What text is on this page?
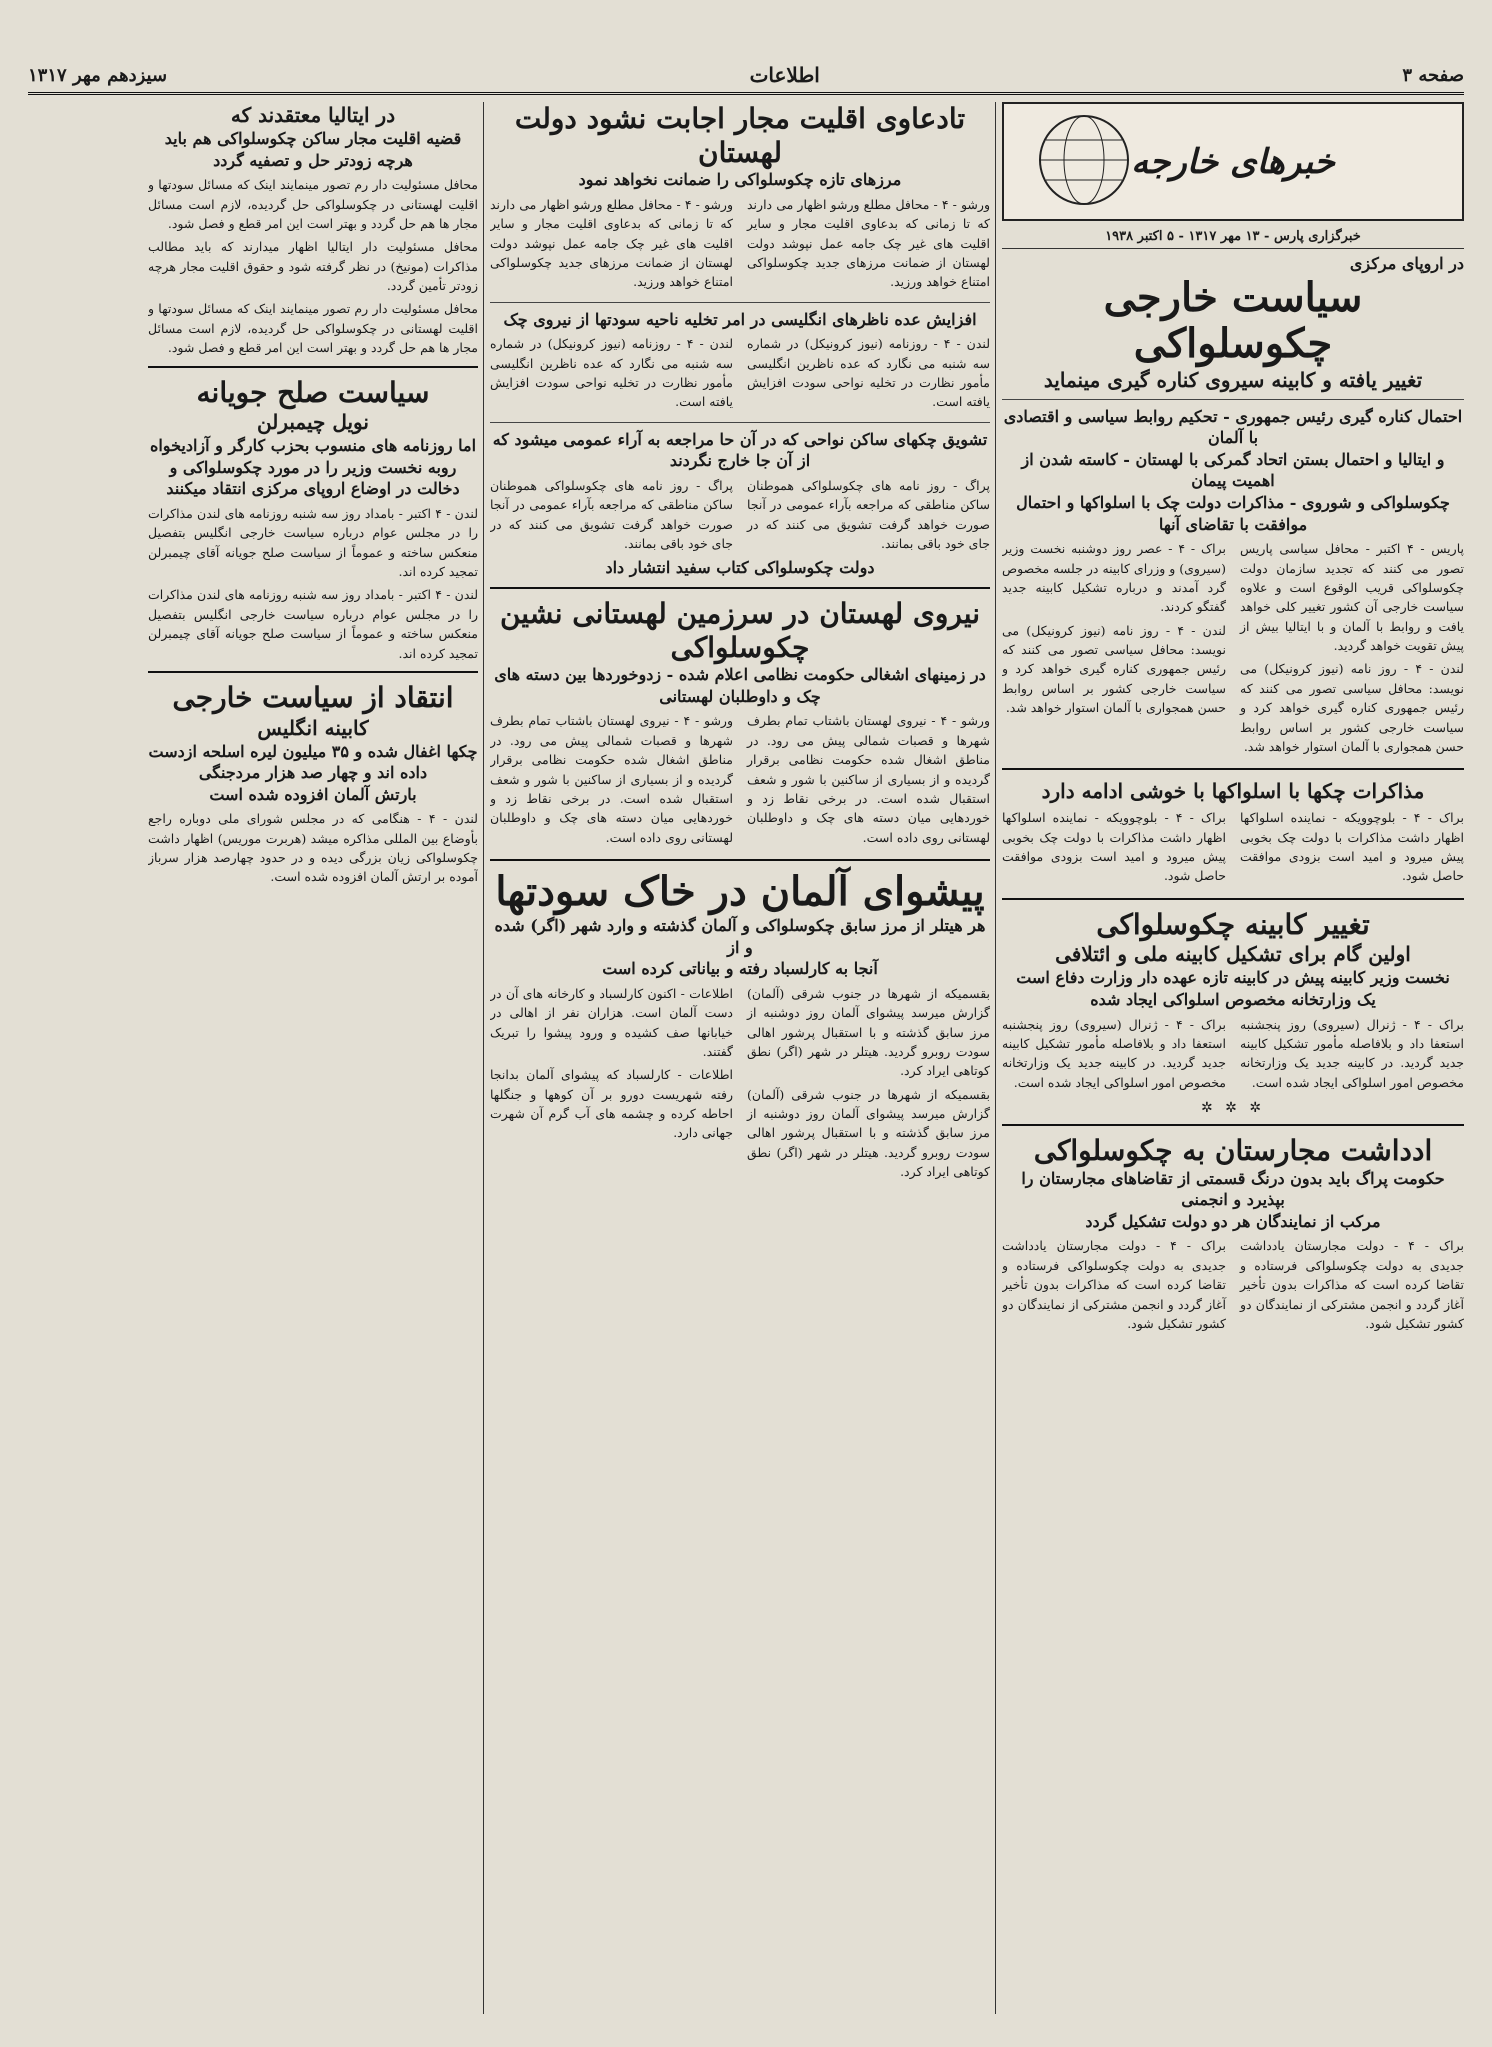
صفحه ۳
اطلاعات
سیزدهم مهر ۱۳۱۷
خبرهای خارجه
خبرگزاری پارس - ۱۳ مهر ۱۳۱۷ - ۵ اکتبر ۱۹۳۸
در اروپای مرکزی
سیاست خارجی چکوسلواکی
تغییر یافته و کابینه سیروی کناره گیری مینماید
احتمال کناره گیری رئیس جمهوری - تحکیم روابط سیاسی و اقتصادی با آلمان
و ایتالیا و احتمال بستن اتحاد گمرکی با لهستان - کاسته شدن از اهمیت پیمان
چکوسلواکی و شوروی - مذاکرات دولت چک با اسلواکها و احتمال موافقت با تقاضای آنها

پاریس - ۴ اکتبر - محافل سیاسی پاریس تصور می کنند که تجدید سازمان دولت چکوسلواکی قریب الوقوع است و علاوه سیاست خارجی آن کشور تغییر کلی خواهد یافت و روابط با آلمان و با ایتالیا بیش از پیش تقویت خواهد گردید.

لندن - ۴ - روز نامه (نیوز کرونیکل) می نویسد: محافل سیاسی تصور می کنند که رئیس جمهوری کناره گیری خواهد کرد و سیاست خارجی کشور بر اساس روابط حسن همجواری با آلمان استوار خواهد شد.

براک - ۴ - عصر روز دوشنبه نخست وزیر (سیروی) و وزرای کابینه در جلسه مخصوص گرد آمدند و درباره تشکیل کابینه جدید گفتگو کردند.

لندن - ۴ - روز نامه (نیوز کرونیکل) می نویسد: محافل سیاسی تصور می کنند که رئیس جمهوری کناره گیری خواهد کرد و سیاست خارجی کشور بر اساس روابط حسن همجواری با آلمان استوار خواهد شد.

مذاکرات چکها با اسلواکها با خوشی ادامه دارد

براک - ۴ - بلوچوویکه - نماینده اسلواکها اظهار داشت مذاکرات با دولت چک بخوبی پیش میرود و امید است بزودی موافقت حاصل شود.

براک - ۴ - بلوچوویکه - نماینده اسلواکها اظهار داشت مذاکرات با دولت چک بخوبی پیش میرود و امید است بزودی موافقت حاصل شود.

تغییر کابینه چکوسلواکی
اولین گام برای تشکیل کابینه ملی و ائتلافی
نخست وزیر کابینه پیش در کابینه تازه عهده دار وزارت دفاع است
یک وزارتخانه مخصوص اسلواکی ایجاد شده

براک - ۴ - ژنرال (سیروی) روز پنجشنبه استعفا داد و بلافاصله مأمور تشکیل کابینه جدید گردید. در کابینه جدید یک وزارتخانه مخصوص امور اسلواکی ایجاد شده است.

براک - ۴ - ژنرال (سیروی) روز پنجشنبه استعفا داد و بلافاصله مأمور تشکیل کابینه جدید گردید. در کابینه جدید یک وزارتخانه مخصوص امور اسلواکی ایجاد شده است.

✲ ✲ ✲
ادداشت مجارستان به چکوسلواکی
حکومت پراگ باید بدون درنگ قسمتی از تقاضاهای مجارستان را بپذیرد و انجمنی
مرکب از نمایندگان هر دو دولت تشکیل گردد

براک - ۴ - دولت مجارستان یادداشت جدیدی به دولت چکوسلواکی فرستاده و تقاضا کرده است که مذاکرات بدون تأخیر آغاز گردد و انجمن مشترکی از نمایندگان دو کشور تشکیل شود.

براک - ۴ - دولت مجارستان یادداشت جدیدی به دولت چکوسلواکی فرستاده و تقاضا کرده است که مذاکرات بدون تأخیر آغاز گردد و انجمن مشترکی از نمایندگان دو کشور تشکیل شود.

تادعاوی اقلیت مجار اجابت نشود دولت لهستان
مرزهای تازه چکوسلواکی را ضمانت نخواهد نمود

ورشو - ۴ - محافل مطلع ورشو اظهار می دارند که تا زمانی که بدعاوی اقلیت مجار و سایر اقلیت های غیر چک جامه عمل نپوشد دولت لهستان از ضمانت مرزهای جدید چکوسلواکی امتناع خواهد ورزید.

ورشو - ۴ - محافل مطلع ورشو اظهار می دارند که تا زمانی که بدعاوی اقلیت مجار و سایر اقلیت های غیر چک جامه عمل نپوشد دولت لهستان از ضمانت مرزهای جدید چکوسلواکی امتناع خواهد ورزید.

افزایش عده ناظرهای انگلیسی در امر تخلیه ناحیه سودتها از نیروی چک

لندن - ۴ - روزنامه (نیوز کرونیکل) در شماره سه شنبه می نگارد که عده ناظرین انگلیسی مأمور نظارت در تخلیه نواحی سودت افزایش یافته است.

لندن - ۴ - روزنامه (نیوز کرونیکل) در شماره سه شنبه می نگارد که عده ناظرین انگلیسی مأمور نظارت در تخلیه نواحی سودت افزایش یافته است.

تشویق چکهای ساکن نواحی که در آن حا مراجعه به آراء عمومی میشود که از آن جا خارج نگردند

پراگ - روز نامه های چکوسلواکی هموطنان ساکن مناطقی که مراجعه بآراء عمومی در آنجا صورت خواهد گرفت تشویق می کنند که در جای خود باقی بمانند.

پراگ - روز نامه های چکوسلواکی هموطنان ساکن مناطقی که مراجعه بآراء عمومی در آنجا صورت خواهد گرفت تشویق می کنند که در جای خود باقی بمانند.

دولت چکوسلواکی کتاب سفید انتشار داد
نیروی لهستان در سرزمین لهستانی نشین چکوسلواکی
در زمینهای اشغالی حکومت نظامی اعلام شده - زدوخوردها بین دسته های چک و داوطلبان لهستانی

ورشو - ۴ - نیروی لهستان باشتاب تمام بطرف شهرها و قصبات شمالی پیش می رود. در مناطق اشغال شده حکومت نظامی برقرار گردیده و از بسیاری از ساکنین با شور و شعف استقبال شده است. در برخی نقاط زد و خوردهایی میان دسته های چک و داوطلبان لهستانی روی داده است.

ورشو - ۴ - نیروی لهستان باشتاب تمام بطرف شهرها و قصبات شمالی پیش می رود. در مناطق اشغال شده حکومت نظامی برقرار گردیده و از بسیاری از ساکنین با شور و شعف استقبال شده است. در برخی نقاط زد و خوردهایی میان دسته های چک و داوطلبان لهستانی روی داده است.

پیشوای آلمان در خاک سودتها
هر هیتلر از مرز سابق چکوسلواکی و آلمان گذشته و وارد شهر (اگر) شده و از
آنجا به کارلسباد رفته و بیاناتی کرده است

بقسمیکه از شهرها در جنوب شرقی (آلمان) گزارش میرسد پیشوای آلمان روز دوشنبه از مرز سابق گذشته و با استقبال پرشور اهالی سودت روبرو گردید. هیتلر در شهر (اگر) نطق کوتاهی ایراد کرد.

بقسمیکه از شهرها در جنوب شرقی (آلمان) گزارش میرسد پیشوای آلمان روز دوشنبه از مرز سابق گذشته و با استقبال پرشور اهالی سودت روبرو گردید. هیتلر در شهر (اگر) نطق کوتاهی ایراد کرد.

اطلاعات - اکنون کارلسباد و کارخانه های آن در دست آلمان است. هزاران نفر از اهالی در خیابانها صف کشیده و ورود پیشوا را تبریک گفتند.

اطلاعات - کارلسباد که پیشوای آلمان بدانجا رفته شهریست دورو بر آن کوهها و جنگلها احاطه کرده و چشمه های آب گرم آن شهرت جهانی دارد.

در ایتالیا معتقدند که
قضیه اقلیت مجار ساکن چکوسلواکی هم باید هرچه زودتر حل و تصفیه گردد

محافل مسئولیت دار رم تصور مینمایند اینک که مسائل سودتها و اقلیت لهستانی در چکوسلواکی حل گردیده، لازم است مسائل مجار ها هم حل گردد و بهتر است این امر قطع و فصل شود.

محافل مسئولیت دار ایتالیا اظهار میدارند که باید مطالب مذاکرات (مونیخ) در نظر گرفته شود و حقوق اقلیت مجار هرچه زودتر تأمین گردد.

محافل مسئولیت دار رم تصور مینمایند اینک که مسائل سودتها و اقلیت لهستانی در چکوسلواکی حل گردیده، لازم است مسائل مجار ها هم حل گردد و بهتر است این امر قطع و فصل شود.

سیاست صلح جویانه
نویل چیمبرلن
اما روزنامه های منسوب بحزب کارگر و آزادیخواه روبه نخست وزیر را در مورد چکوسلواکی و دخالت در اوضاع اروپای مرکزی انتقاد میکنند

لندن - ۴ اکتبر - بامداد روز سه شنبه روزنامه های لندن مذاکرات را در مجلس عوام درباره سیاست خارجی انگلیس بتفصیل منعکس ساخته و عموماً از سیاست صلح جویانه آقای چیمبرلن تمجید کرده اند.

لندن - ۴ اکتبر - بامداد روز سه شنبه روزنامه های لندن مذاکرات را در مجلس عوام درباره سیاست خارجی انگلیس بتفصیل منعکس ساخته و عموماً از سیاست صلح جویانه آقای چیمبرلن تمجید کرده اند.

انتقاد از سیاست خارجی
کابینه انگلیس
چکها اغفال شده و ۳۵ میلیون لیره اسلحه ازدست داده اند و چهار صد هزار مردجنگی
بارتش آلمان افزوده شده است

لندن - ۴ - هنگامی که در مجلس شورای ملی دوباره راجع بأوضاع بین المللی مذاکره میشد (هربرت موریس) اظهار داشت چکوسلواکی زیان بزرگی دیده و در حدود چهارصد هزار سرباز آموده بر ارتش آلمان افزوده شده است.
